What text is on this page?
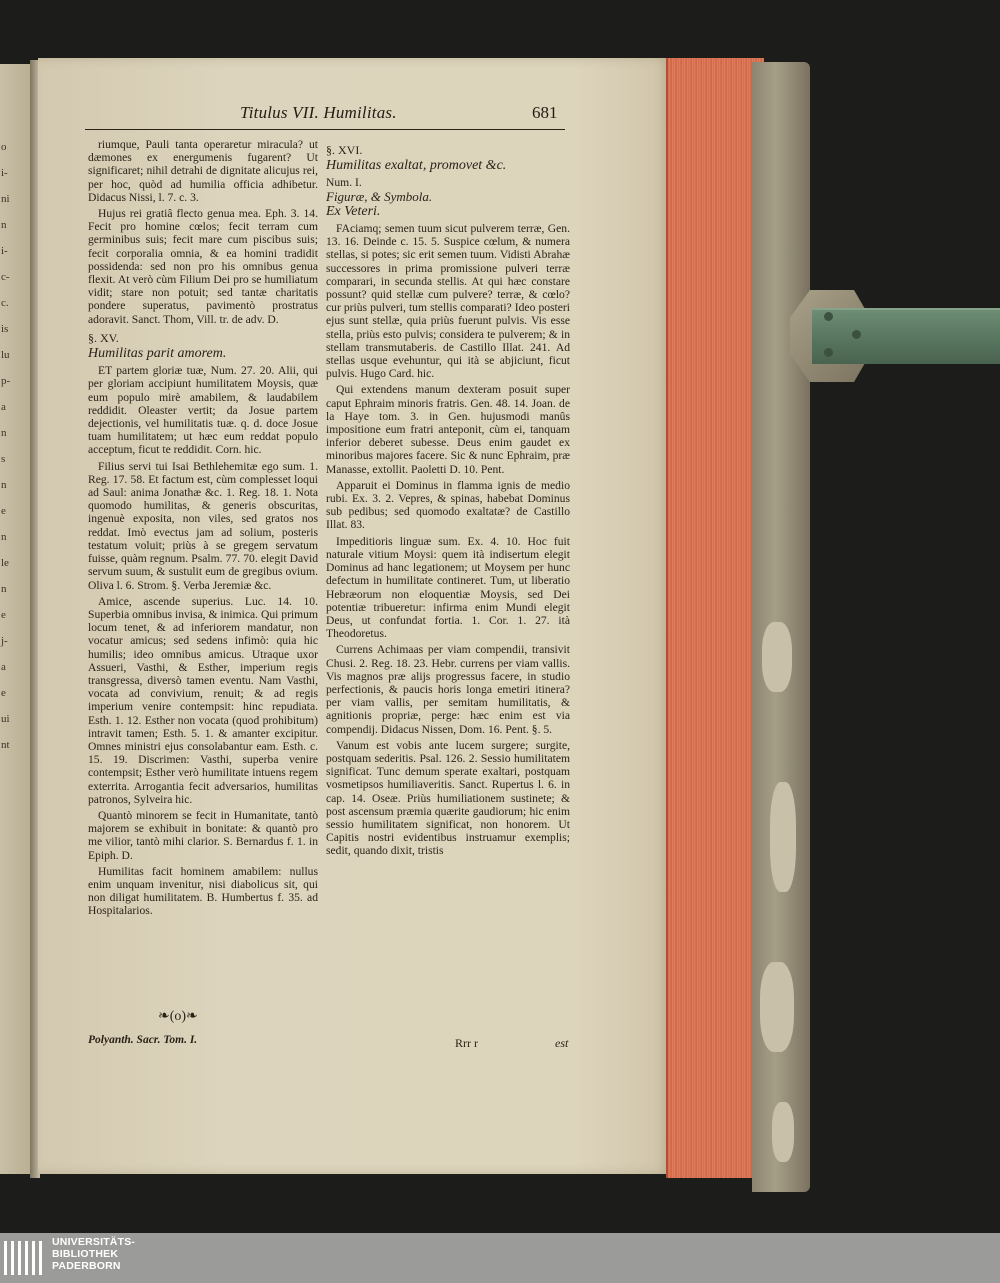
o
i-
ni
n
i-
c-
c.
is
lu
p-
a
n
s
n
e
n
le
n
e
j-
a
e
ui
nt
Titulus VII. Humilitas.	681

riumque, Pauli tanta operaretur miracula? ut dæmones ex energumenis fugarent? Ut significaret; nihil detrahi de dignitate alicujus rei, per hoc, quòd ad humilia officia adhibetur. Didacus Nissi, l. 7. c. 3.

Hujus rei gratiâ flecto genua mea. Eph. 3. 14. Fecit pro homine cœlos; fecit terram cum germinibus suis; fecit mare cum piscibus suis; fecit corporalia omnia, & ea homini tradidit possidenda: sed non pro his omnibus genua flexit. At verò cùm Filium Dei pro se humiliatum vidit; stare non potuit; sed tantæ charitatis pondere superatus, pavimentò prostratus adoravit. Sanct. Thom, Vill. tr. de adv. D.

§. XV.

Humilitas parit amorem.

ET partem gloriæ tuæ, Num. 27. 20. Alii, qui per gloriam accipiunt humilitatem Moysis, quæ eum populo mirè amabilem, & laudabilem reddidit. Oleaster vertit; da Josue partem dejectionis, vel humilitatis tuæ. q. d. doce Josue tuam humilitatem; ut hæc eum reddat populo acceptum, ficut te reddidit. Corn. hic.

Filius servi tui Isai Bethlehemitæ ego sum. 1. Reg. 17. 58. Et factum est, cùm complesset loqui ad Saul: anima Jonathæ &c. 1. Reg. 18. 1. Nota quomodo humilitas, & generis obscuritas, ingenuè exposita, non viles, sed gratos nos reddat. Imò evectus jam ad solium, posteris testatum voluit; priùs à se gregem servatum fuisse, quàm regnum. Psalm. 77. 70. elegit David servum suum, & sustulit eum de gregibus ovium. Oliva l. 6. Strom. §. Verba Jeremiæ &c.

Amice, ascende superius. Luc. 14. 10. Superbia omnibus invisa, & inimica. Qui primum locum tenet, & ad inferiorem mandatur, non vocatur amicus; sed sedens infimò: quia hic humilis; ideo omnibus amicus. Utraque uxor Assueri, Vasthi, & Esther, imperium regis transgressa, diversò tamen eventu. Nam Vasthi, vocata ad convivium, renuit; & ad regis imperium venire contempsit: hinc repudiata. Esth. 1. 12. Esther non vocata (quod prohibitum) intravit tamen; Esth. 5. 1. & amanter excipitur. Omnes ministri ejus consolabantur eam. Esth. c. 15. 19. Discrimen: Vasthi, superba venire contempsit; Esther verò humilitate intuens regem exterrita. Arrogantia fecit adversarios, humilitas patronos, Sylveira hic.

Quantò minorem se fecit in Humanitate, tantò majorem se exhibuit in bonitate: & quantò pro me vilior, tantò mihi clarior. S. Bernardus f. 1. in Epiph. D.

Humilitas facit hominem amabilem: nullus enim unquam invenitur, nisi diabolicus sit, qui non diligat humilitatem. B. Humbertus f. 35. ad Hospitalarios.

§. XVI.

Humilitas exaltat, promovet &c.

Num. I.

Figuræ, & Symbola.

Ex Veteri.

FAciamq; semen tuum sicut pulverem terræ, Gen. 13. 16. Deinde c. 15. 5. Suspice cœlum, & numera stellas, si potes; sic erit semen tuum. Vidisti Abrahæ successores in prima promissione pulveri terræ comparari, in secunda stellis. At qui hæc constare possunt? quid stellæ cum pulvere? terræ, & cœlo? cur priùs pulveri, tum stellis comparati? Ideo posteri ejus sunt stellæ, quia priùs fuerunt pulvis. Vis esse stella, priùs esto pulvis; considera te pulverem; & in stellam transmutaberis. de Castillo Illat. 241. Ad stellas usque evehuntur, qui ità se abjiciunt, ficut pulvis. Hugo Card. hic.

Qui extendens manum dexteram posuit super caput Ephraim minoris fratris. Gen. 48. 14. Joan. de la Haye tom. 3. in Gen. hujusmodi manûs impositione eum fratri anteponit, cùm ei, tanquam inferior deberet subesse. Deus enim gaudet ex minoribus majores facere. Sic & nunc Ephraim, præ Manasse, extollit. Paoletti D. 10. Pent.

Apparuit ei Dominus in flamma ignis de medio rubi. Ex. 3. 2. Vepres, & spinas, habebat Dominus sub pedibus; sed quomodo exaltatæ? de Castillo Illat. 83.

Impeditioris linguæ sum. Ex. 4. 10. Hoc fuit naturale vitium Moysi: quem ità indisertum elegit Dominus ad hanc legationem; ut Moysem per hunc defectum in humilitate contineret. Tum, ut liberatio Hebræorum non eloquentiæ Moysis, sed Dei potentiæ tribueretur: infirma enim Mundi elegit Deus, ut confundat fortia. 1. Cor. 1. 27. ità Theodoretus.

Currens Achimaas per viam compendii, transivit Chusi. 2. Reg. 18. 23. Hebr. currens per viam vallis. Vis magnos præ alijs progressus facere, in studio perfectionis, & paucis horis longa emetiri itinera? per viam vallis, per semitam humilitatis, & agnitionis propriæ, perge: hæc enim est via compendij. Didacus Nissen, Dom. 16. Pent. §. 5.

Vanum est vobis ante lucem surgere; surgite, postquam sederitis. Psal. 126. 2. Sessio humilitatem significat. Tunc demum sperate exaltari, postquam vosmetipsos humiliaveritis. Sanct. Rupertus l. 6. in cap. 14. Oseæ. Priùs humiliationem sustinete; & post ascensum præmia quærite gaudiorum; hic enim sessio humilitatem significat, non honorem. Ut Capitis nostri evidentibus instruamur exemplis; sedit, quando dixit, tristis

❧(o)❧
Polyanth. Sacr. Tom. I.	Rrr r	est
UNIVERSITÄTS-
BIBLIOTHEK
PADERBORN
